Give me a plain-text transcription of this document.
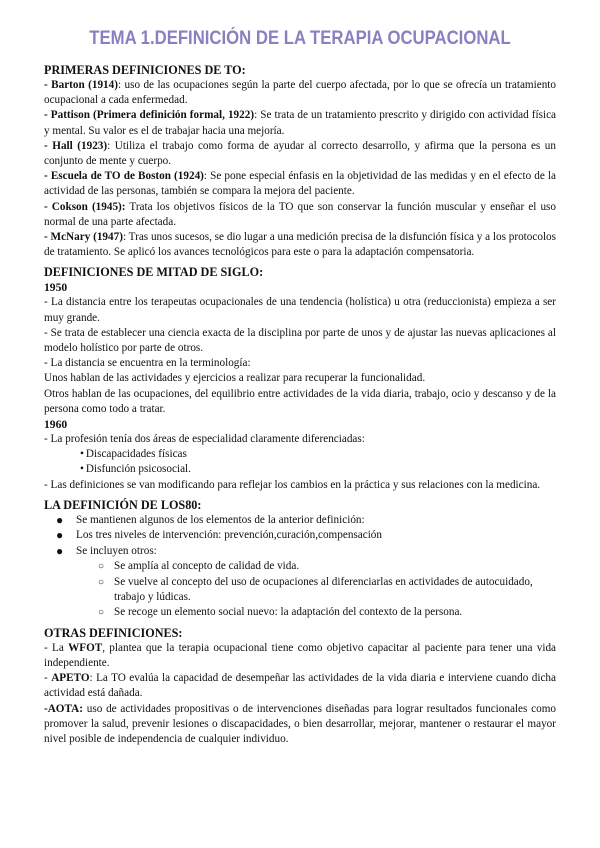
TEMA 1.DEFINICIÓN DE LA TERAPIA OCUPACIONAL

PRIMERAS DEFINICIONES DE TO:

- Barton (1914): uso de las ocupaciones según la parte del cuerpo afectada, por lo que se ofrecía un tratamiento ocupacional a cada enfermedad.

- Pattison (Primera definición formal, 1922): Se trata de un tratamiento prescrito y dirigido con actividad física y mental. Su valor es el de trabajar hacia una mejoría.

- Hall (1923): Utiliza el trabajo como forma de ayudar al correcto desarrollo, y afirma que la persona es un conjunto de mente y cuerpo.

- Escuela de TO de Boston (1924): Se pone especial énfasis en la objetividad de las medidas y en el efecto de la actividad de las personas, también se compara la mejora del paciente.

- Cokson (1945): Trata los objetivos físicos de la TO que son conservar la función muscular y enseñar el uso normal de una parte afectada.

- McNary (1947): Tras unos sucesos, se dio lugar a una medición precisa de la disfunción física y a los protocolos de tratamiento. Se aplicó los avances tecnológicos para este o para la adaptación compensatoria.

DEFINICIONES DE MITAD DE SIGLO:

1950

- La distancia entre los terapeutas ocupacionales de una tendencia (holística) u otra (reduccionista) empieza a ser muy grande.

- Se trata de establecer una ciencia exacta de la disciplina por parte de unos y de ajustar las nuevas aplicaciones al modelo holístico por parte de otros.

- La distancia se encuentra en la terminología:

Unos hablan de las actividades y ejercicios a realizar para recuperar la funcionalidad.

Otros hablan de las ocupaciones, del equilibrio entre actividades de la vida diaria, trabajo, ocio y descanso y de la persona como todo a tratar.

1960

- La profesión tenía dos áreas de especialidad claramente diferenciadas:

• Discapacidades físicas
• Disfunción psicosocial.

- Las definiciones se van modificando para reflejar los cambios en la práctica y sus relaciones con la medicina.

LA DEFINICIÓN DE LOS80:

● Se mantienen algunos de los elementos de la anterior definición:
● Los tres niveles de intervención: prevención,curación,compensación
● Se incluyen otros:
○ Se amplía al concepto de calidad de vida.
○ Se vuelve al concepto del uso de ocupaciones al diferenciarlas en actividades de autocuidado, trabajo y lúdicas.
○ Se recoge un elemento social nuevo: la adaptación del contexto de la persona.

OTRAS DEFINICIONES:

- La WFOT, plantea que la terapia ocupacional tiene como objetivo capacitar al paciente para tener una vida independiente.

- APETO: La TO evalúa la capacidad de desempeñar las actividades de la vida diaria e interviene cuando dicha actividad está dañada.

-AOTA: uso de actividades propositivas o de intervenciones diseñadas para lograr resultados funcionales como promover la salud, prevenir lesiones o discapacidades, o bien desarrollar, mejorar, mantener o restaurar el mayor nivel posible de independencia de cualquier individuo.
